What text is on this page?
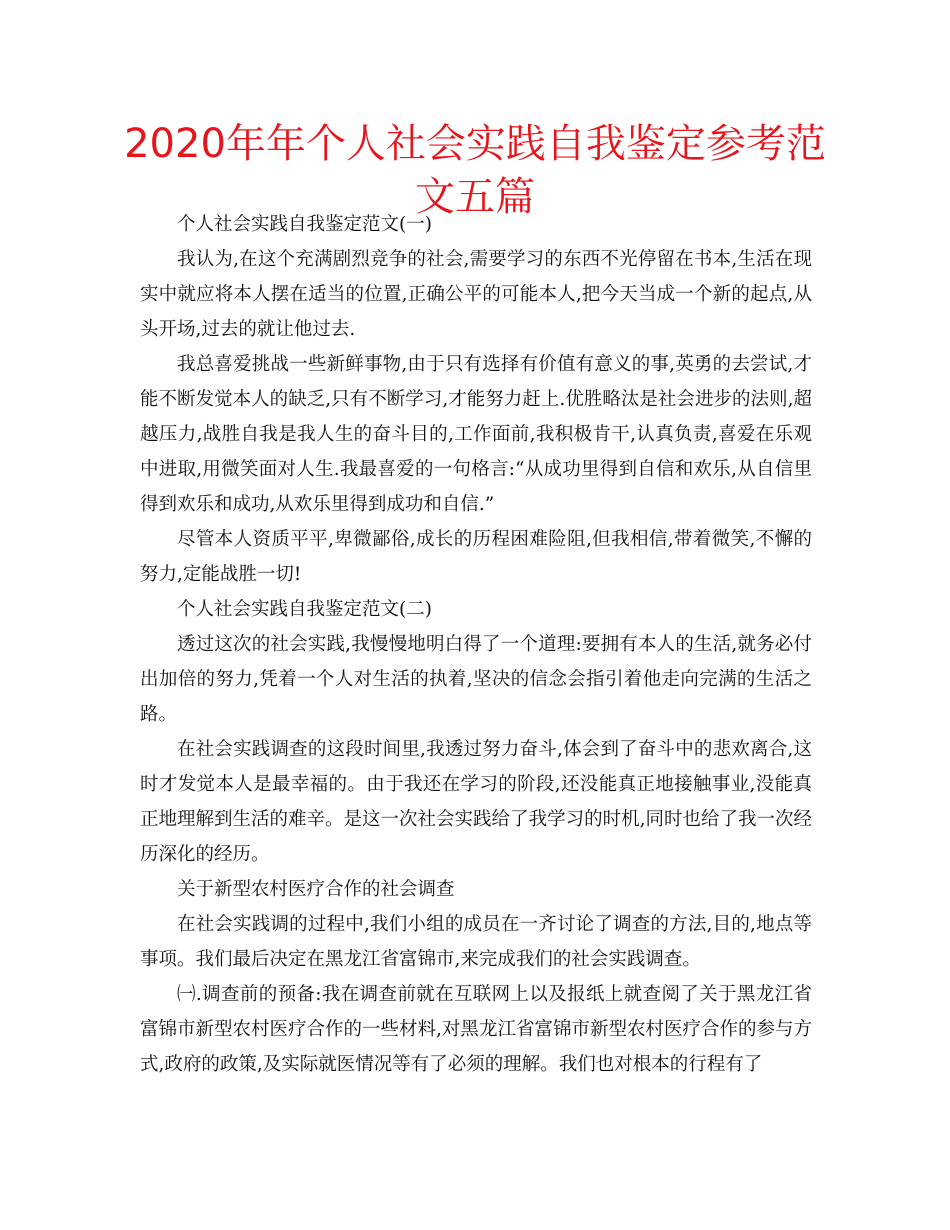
2020年年个人社会实践自我鉴定参考范文五篇

个人社会实践自我鉴定范文(一)

我认为,在这个充满剧烈竞争的社会,需要学习的东西不光停留在书本,生活在现实中就应将本人摆在适当的位置,正确公平的可能本人,把今天当成一个新的起点,从头开场,过去的就让他过去.

我总喜爱挑战一些新鲜事物,由于只有选择有价值有意义的事,英勇的去尝试,才能不断发觉本人的缺乏,只有不断学习,才能努力赶上.优胜略汰是社会进步的法则,超越压力,战胜自我是我人生的奋斗目的,工作面前,我积极肯干,认真负责,喜爱在乐观中进取,用微笑面对人生.我最喜爱的一句格言:“从成功里得到自信和欢乐,从自信里得到欢乐和成功,从欢乐里得到成功和自信.”

尽管本人资质平平,卑微鄙俗,成长的历程困难险阻,但我相信,带着微笑,不懈的努力,定能战胜一切!

个人社会实践自我鉴定范文(二)

透过这次的社会实践,我慢慢地明白得了一个道理:要拥有本人的生活,就务必付出加倍的努力,凭着一个人对生活的执着,坚决的信念会指引着他走向完满的生活之路。

在社会实践调查的这段时间里,我透过努力奋斗,体会到了奋斗中的悲欢离合,这时才发觉本人是最幸福的。由于我还在学习的阶段,还没能真正地接触事业,没能真正地理解到生活的难辛。是这一次社会实践给了我学习的时机,同时也给了我一次经历深化的经历。

关于新型农村医疗合作的社会调查

在社会实践调的过程中,我们小组的成员在一齐讨论了调查的方法,目的,地点等事项。我们最后决定在黑龙江省富锦市,来完成我们的社会实践调查。

㈠.调查前的预备:我在调查前就在互联网上以及报纸上就查阅了关于黑龙江省富锦市新型农村医疗合作的一些材料,对黑龙江省富锦市新型农村医疗合作的参与方式,政府的政策,及实际就医情况等有了必须的理解。我们也对根本的行程有了
